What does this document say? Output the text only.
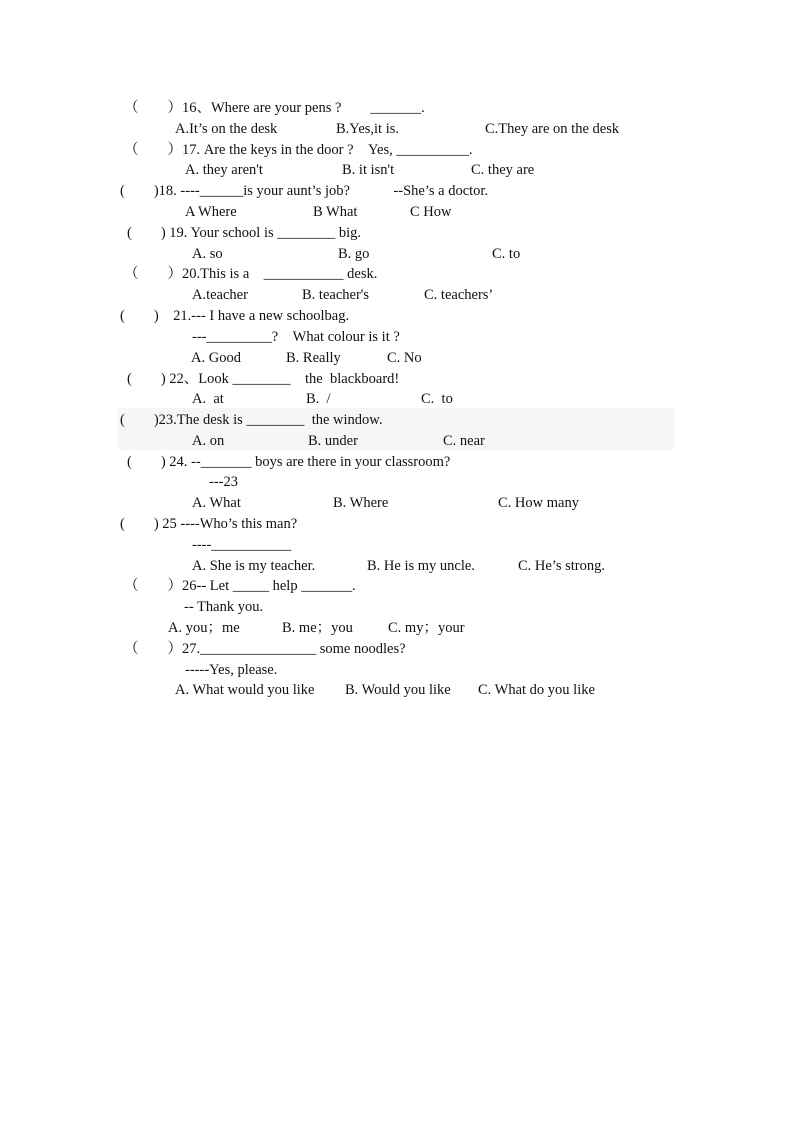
（　　）16、Where are your pens ?　　_______.
A.It’s on the desk	B.Yes,it is.	C.They are on the desk
（　　）17. Are the keys in the door ?　Yes, __________.
A. they aren't	B. it isn't	C. they are
(　　)18. ----______is your aunt’s job?　　　--She’s a doctor.
A Where	B What	C How
(　　) 19. Your school is ________ big.
A. so	B. go	C. to
（　　）20.This is a　___________ desk.
A.teacher	B. teacher's	C. teachers’
(　　)　21.--- I have a new schoolbag.
---_________?　What colour is it ?
A. Good	B. Really	C. No
(　　) 22、Look ________　the  blackboard!
A.  at	B.  /	C.  to
(　　)23.The desk is ________  the window.
A. on	B. under	C. near
(　　) 24. --_______ boys are there in your classroom?
---23
A. What	B. Where	C. How many
(　　) 25 ----Who’s this man?
----___________
A. She is my teacher.	B. He is my uncle.	C. He’s strong.
（　　）26-- Let _____ help _______.
-- Thank you.
A. you；me	B. me；you C. my；your
（　　）27.________________ some noodles?
-----Yes, please.
A. What would you like B. Would you like C. What do you like
